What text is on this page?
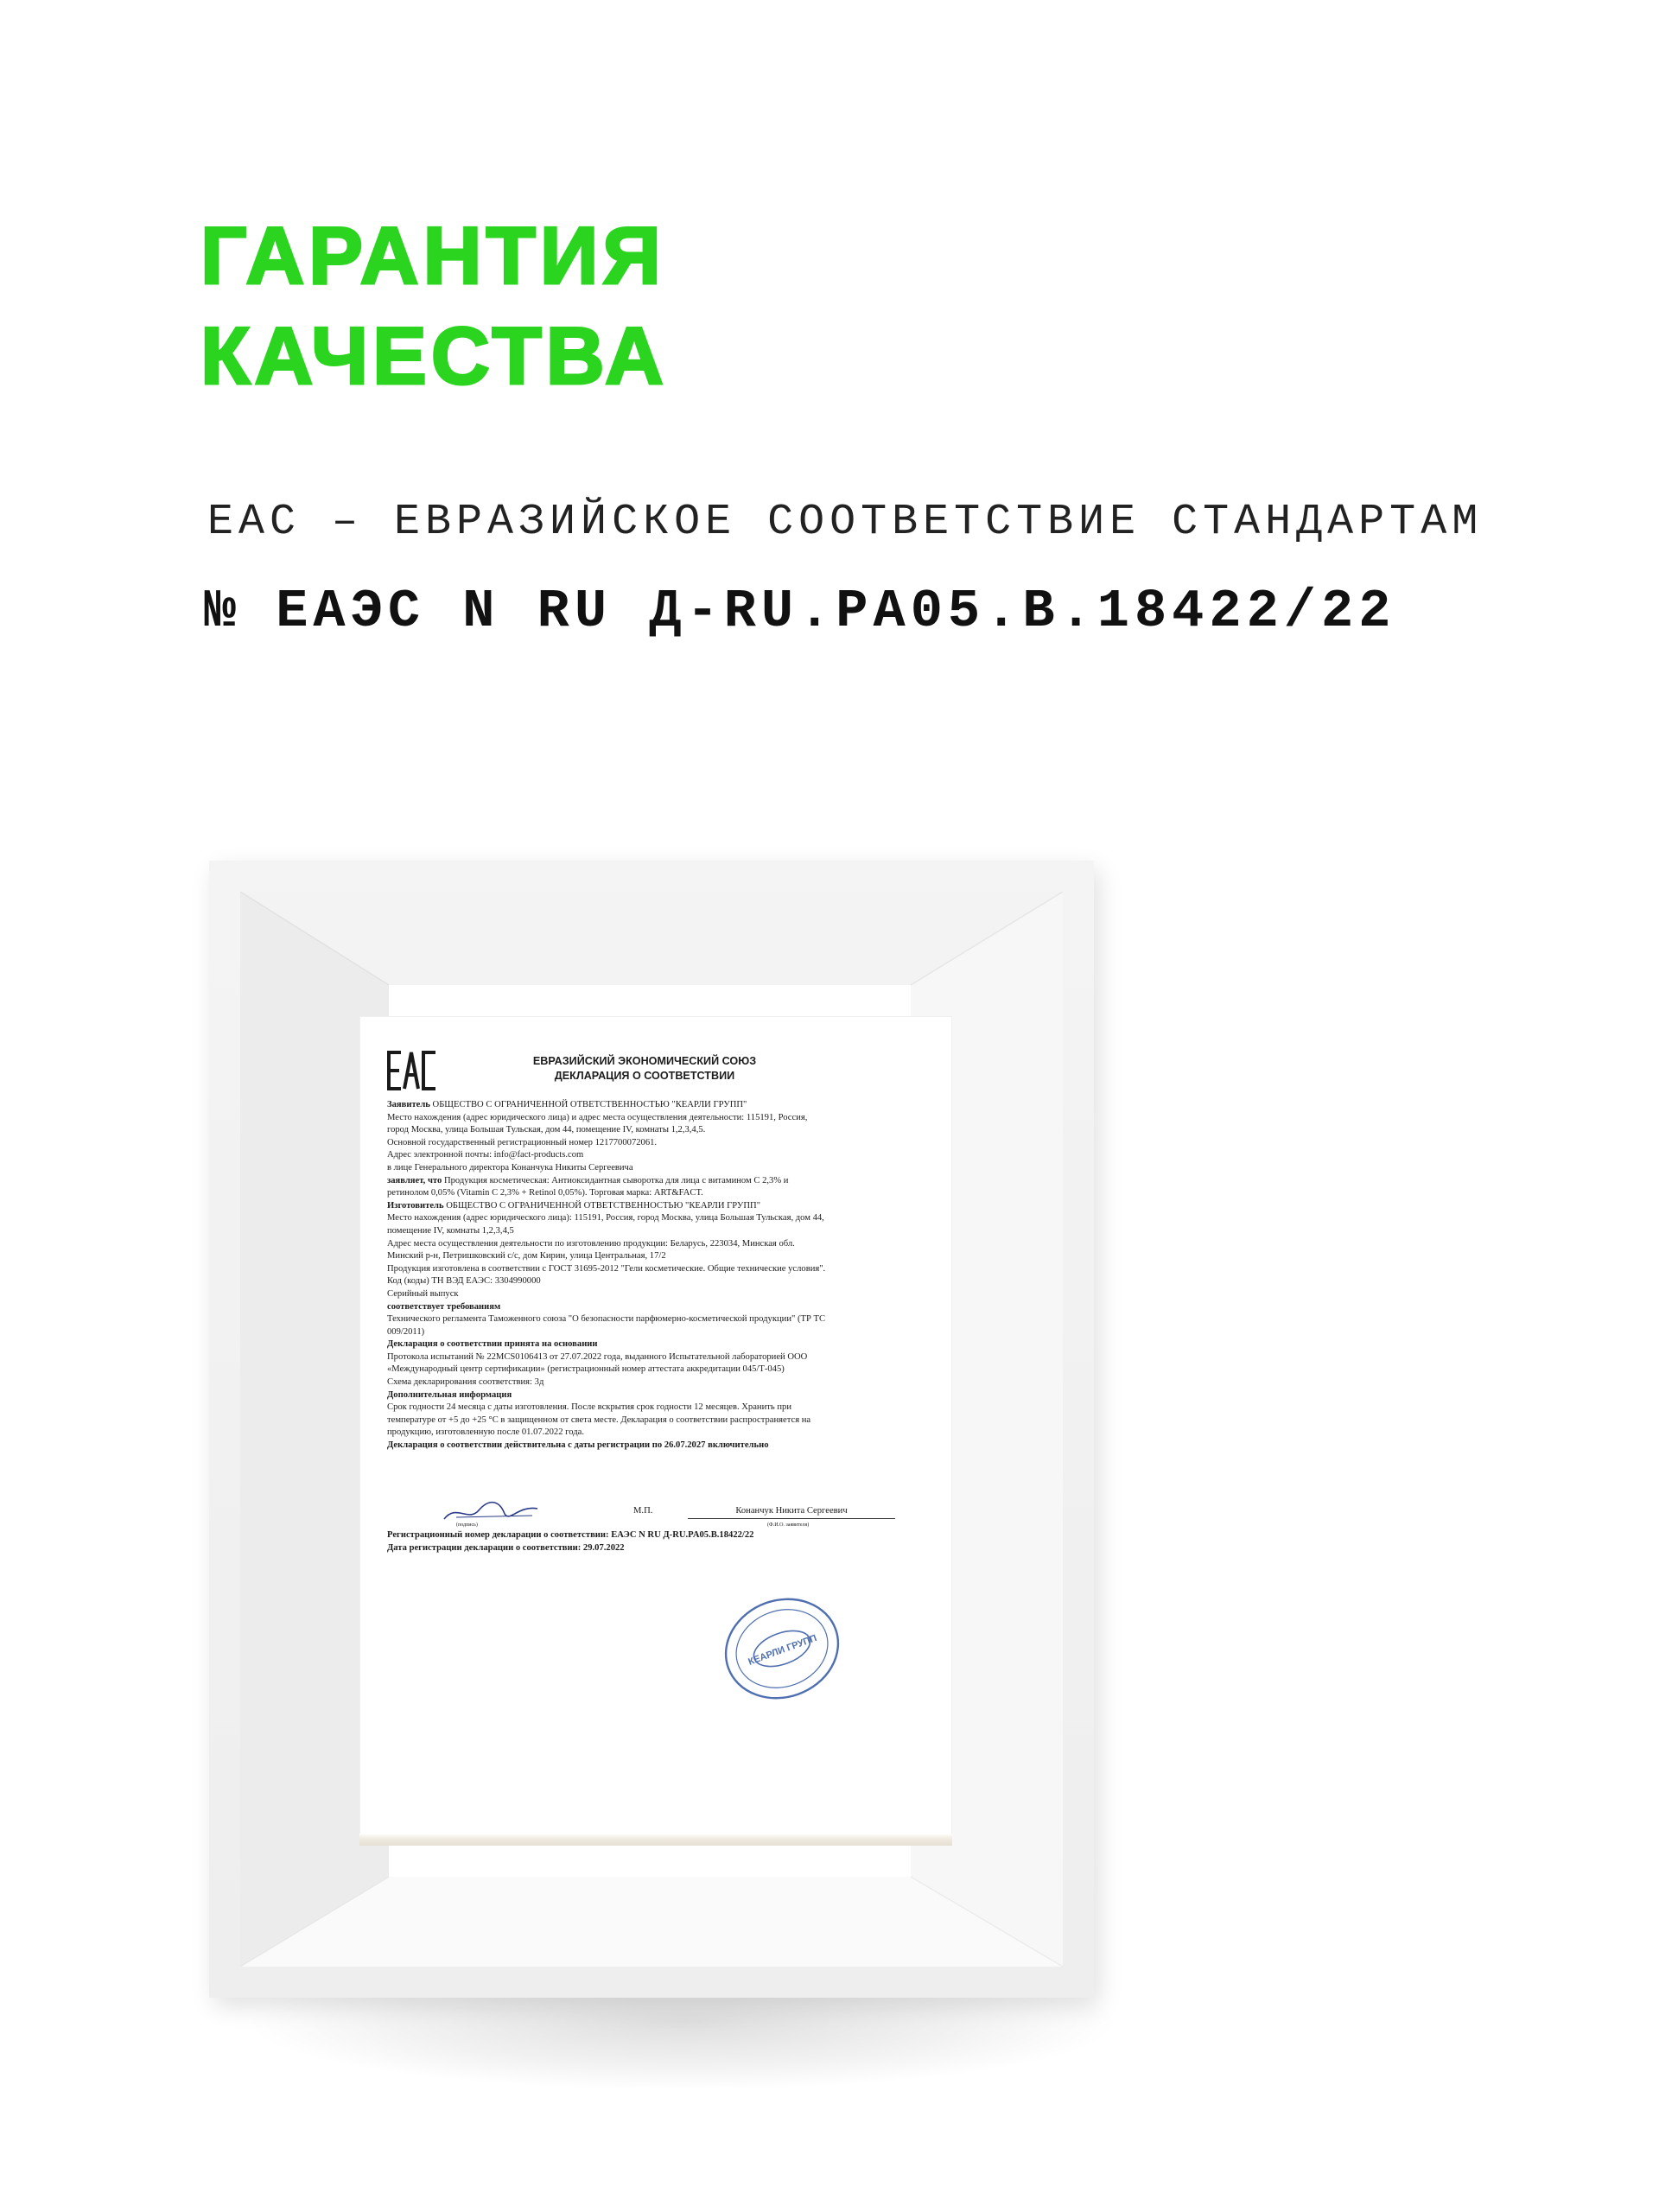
ГАРАНТИЯ
КАЧЕСТВА
EAC – ЕВРАЗИЙСКОЕ СООТВЕТСТВИЕ СТАНДАРТАМ
№ ЕАЭС N RU Д-RU.PA05.B.18422/22
ЕВРАЗИЙСКИЙ ЭКОНОМИЧЕСКИЙ СОЮЗ
ДЕКЛАРАЦИЯ О СООТВЕТСТВИИ

Заявитель ОБЩЕСТВО С ОГРАНИЧЕННОЙ ОТВЕТСТВЕННОСТЬЮ "КЕАРЛИ ГРУПП"

Место нахождения (адрес юридического лица) и адрес места осуществления деятельности: 115191, Россия,

город Москва, улица Большая Тульская, дом 44, помещение IV, комнаты 1,2,3,4,5.

Основной государственный регистрационный номер 1217700072061.

Адрес электронной почты: info@fact-products.com

в лице Генерального директора Конанчука Никиты Сергеевича

заявляет, что Продукция косметическая: Антиоксидантная сыворотка для лица с витамином С 2,3% и

ретинолом 0,05% (Vitamin C 2,3% + Retinol 0,05%). Торговая марка: ART&FACT.

Изготовитель ОБЩЕСТВО С ОГРАНИЧЕННОЙ ОТВЕТСТВЕННОСТЬЮ "КЕАРЛИ ГРУПП"

Место нахождения (адрес юридического лица): 115191, Россия, город Москва, улица Большая Тульская, дом 44,

помещение IV, комнаты 1,2,3,4,5

Адрес места осуществления деятельности по изготовлению продукции: Беларусь, 223034, Минская обл.

Минский р-н, Петришковский с/с, дом Кирин, улица Центральная, 17/2

Продукция изготовлена в соответствии с ГОСТ 31695-2012 "Гели косметические. Общие технические условия".

Код (коды) ТН ВЭД ЕАЭС: 3304990000

Серийный выпуск

соответствует требованиям

Технического регламента Таможенного союза "О безопасности парфюмерно-косметической продукции" (ТР ТС

009/2011)

Декларация о соответствии принята на основании

Протокола испытаний № 22MCS0106413 от 27.07.2022 года, выданного Испытательной лабораторией ООО

«Международный центр сертификации» (регистрационный номер аттестата аккредитации 045/Т-045)

Схема декларирования соответствия: 3д

Дополнительная информация

Срок годности 24 месяца с даты изготовления. После вскрытия срок годности 12 месяцев. Хранить при

температуре от +5 до +25 °С в защищенном от света месте. Декларация о соответствии распространяется на

продукцию, изготовленную после 01.07.2022 года.

Декларация о соответствии действительна с даты регистрации по 26.07.2027 включительно

М.П.	Конанчук Никита Сергеевич
(подпись)	(Ф.И.О. заявителя)

Регистрационный номер декларации о соответствии: ЕАЭС N RU Д-RU.PA05.B.18422/22

Дата регистрации декларации о соответствии: 29.07.2022

КЕАРЛИ ГРУПП
